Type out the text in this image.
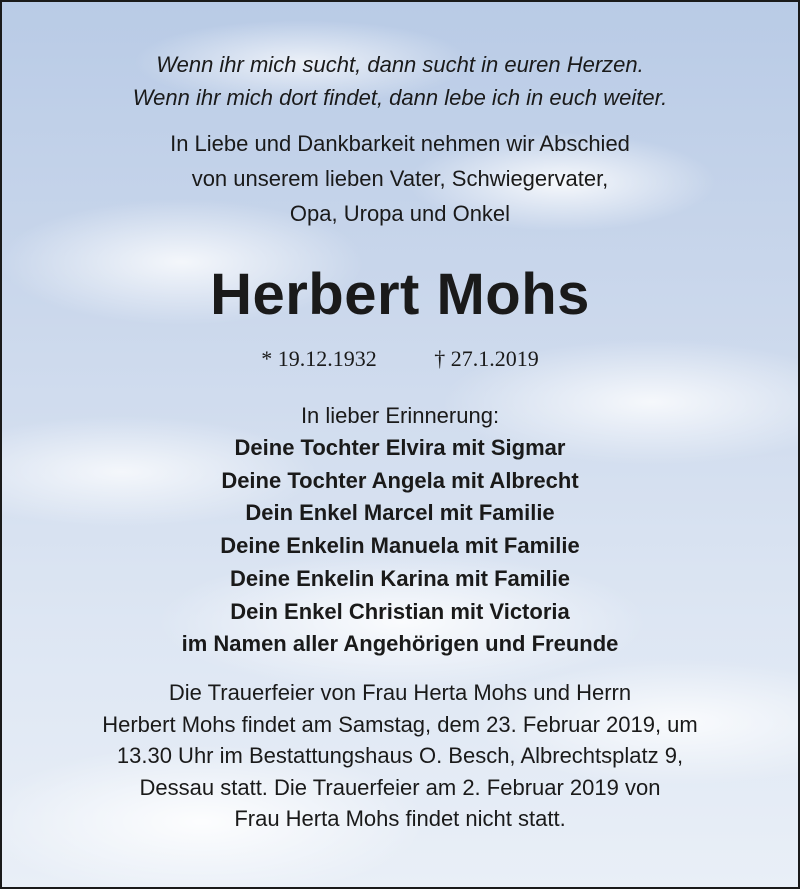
Wenn ihr mich sucht, dann sucht in euren Herzen.
Wenn ihr mich dort findet, dann lebe ich in euch weiter.
In Liebe und Dankbarkeit nehmen wir Abschied
von unserem lieben Vater, Schwiegervater,
Opa, Uropa und Onkel
Herbert Mohs
* 19.12.1932	† 27.1.2019
In lieber Erinnerung:
Deine Tochter Elvira mit Sigmar
Deine Tochter Angela mit Albrecht
Dein Enkel Marcel mit Familie
Deine Enkelin Manuela mit Familie
Deine Enkelin Karina mit Familie
Dein Enkel Christian mit Victoria
im Namen aller Angehörigen und Freunde
Die Trauerfeier von Frau Herta Mohs und Herrn
Herbert Mohs findet am Samstag, dem 23. Februar 2019, um
13.30 Uhr im Bestattungshaus O. Besch, Albrechtsplatz 9,
Dessau statt. Die Trauerfeier am 2. Februar 2019 von
Frau Herta Mohs findet nicht statt.
